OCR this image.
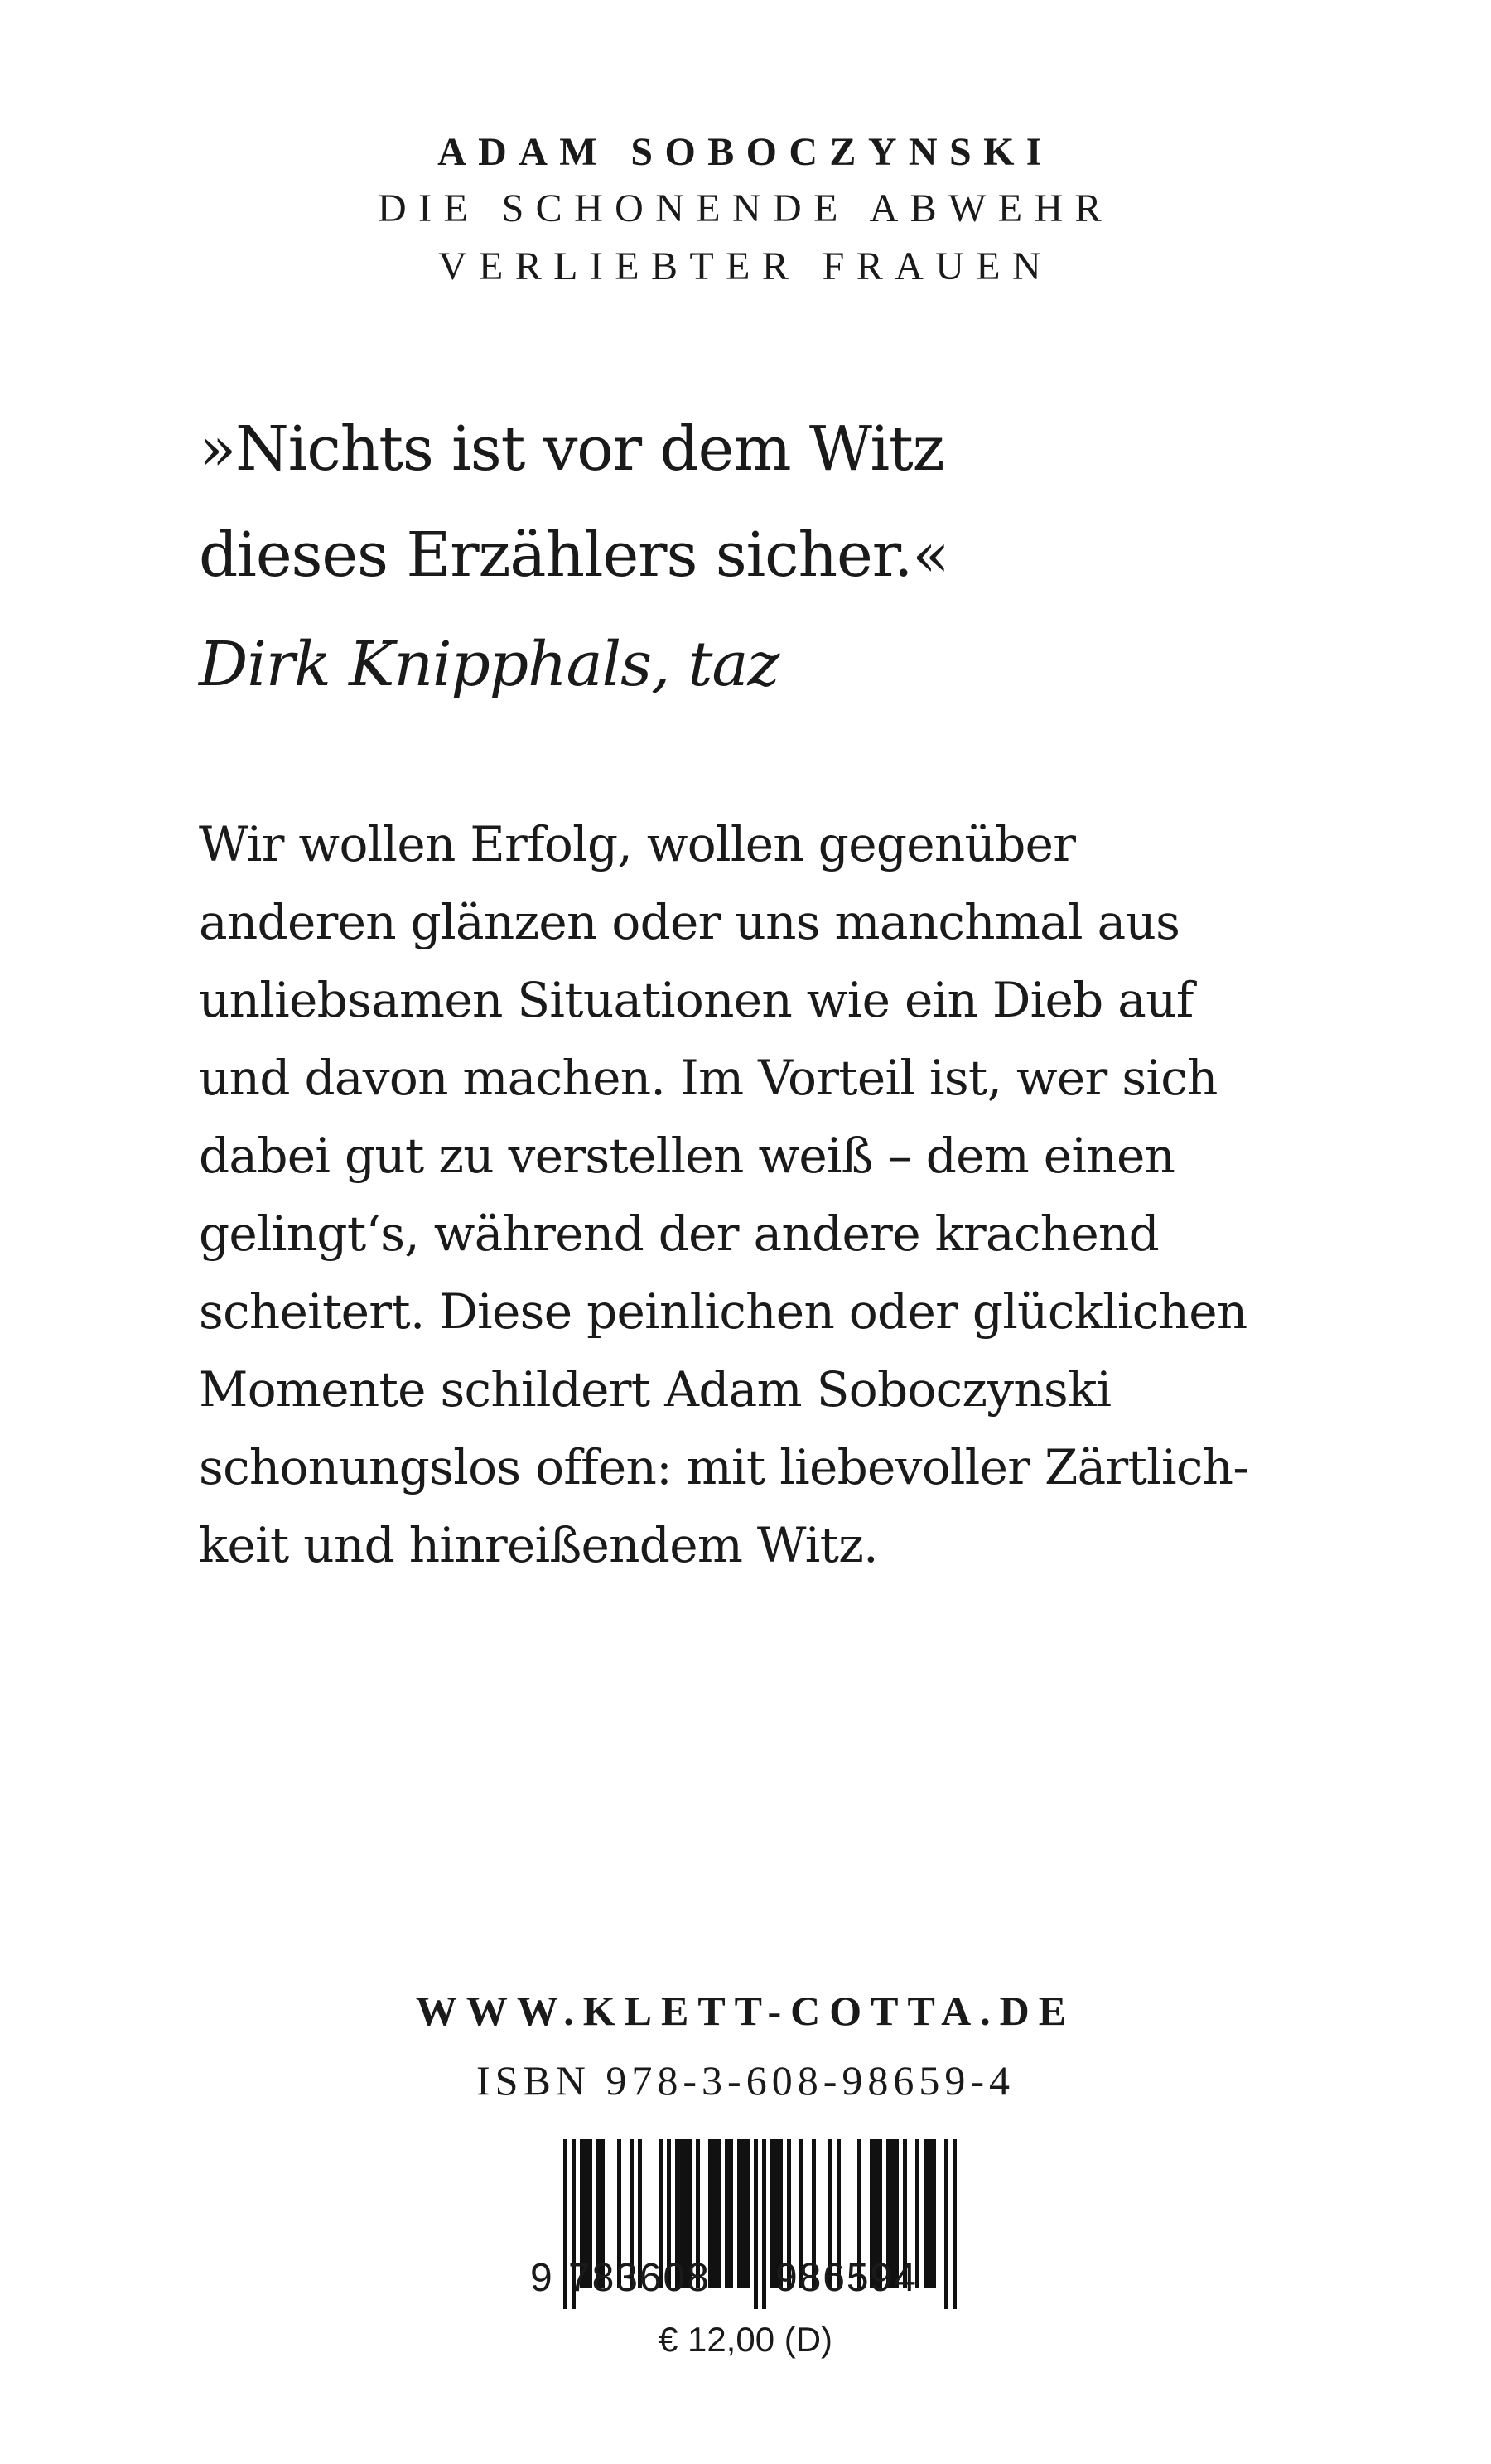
ADAM SOBOCZYNSKI
DIE SCHONENDE ABWEHR
VERLIEBTER FRAUEN
»Nichts ist vor dem Witz
dieses Erzählers sicher.«
Dirk Knipphals, taz
Wir wollen Erfolg, wollen gegenüber
anderen glänzen oder uns manchmal aus
unliebsamen Situationen wie ein Dieb auf
und davon machen. Im Vorteil ist, wer sich
dabei gut zu verstellen weiß – dem einen
gelingt‘s, während der andere krachend
scheitert. Diese peinlichen oder glücklichen
Momente schildert Adam Soboczynski
schonungslos offen: mit liebevoller Zärtlich-
keit und hinreißendem Witz.
WWW.KLETT-COTTA.DE
ISBN 978-3-608-98659-4
9 783608 986594
€ 12,00 (D)
